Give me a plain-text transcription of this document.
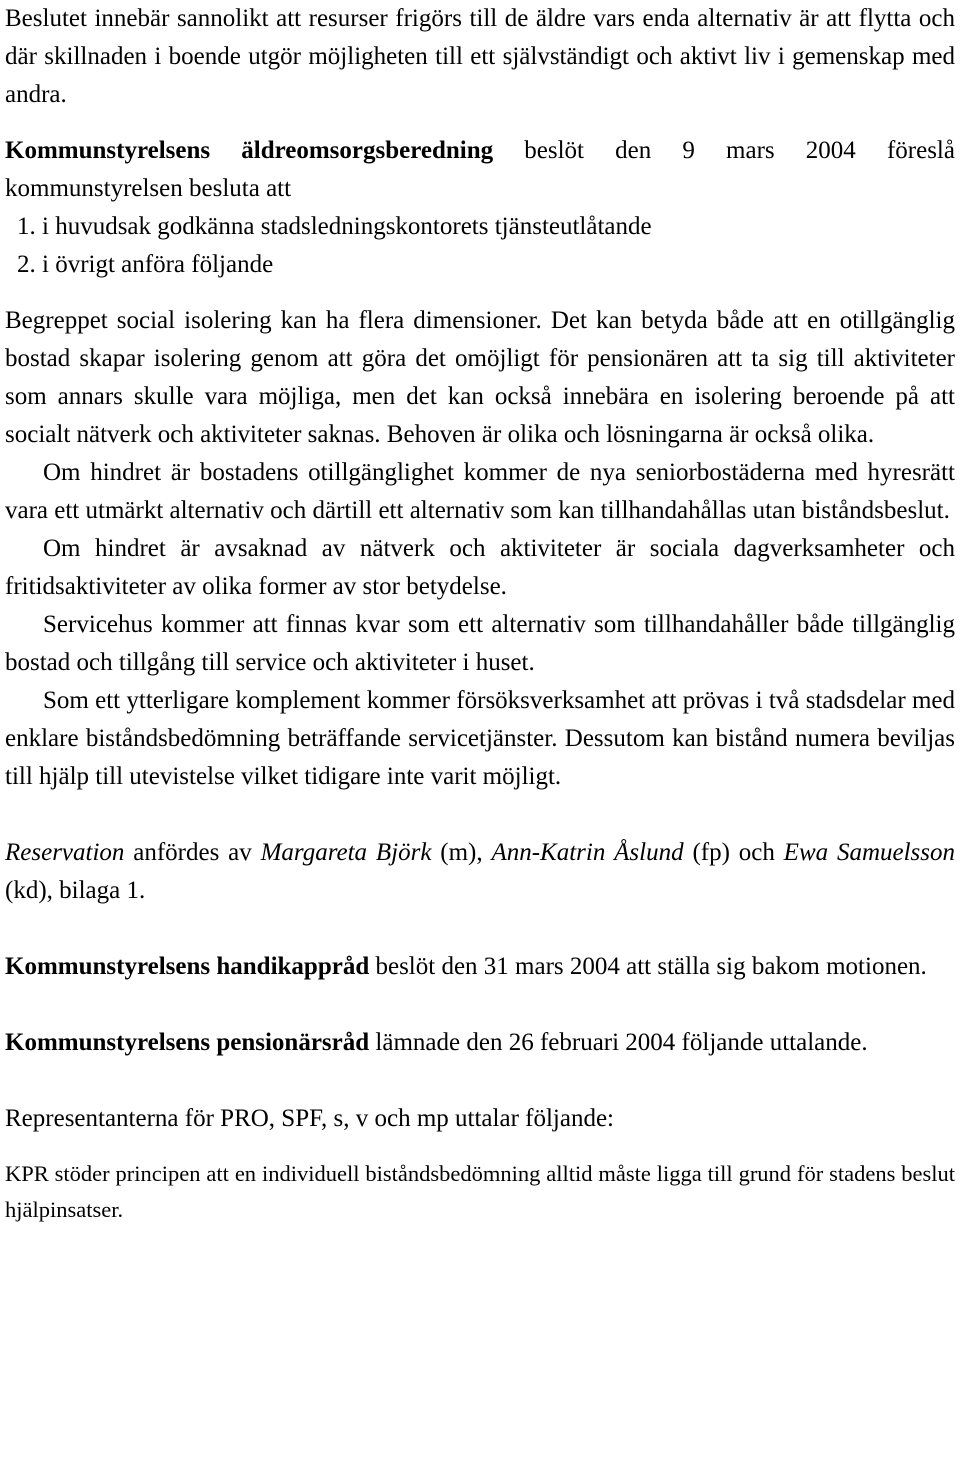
Beslutet innebär sannolikt att resurser frigörs till de äldre vars enda alternativ är att flytta och där skillnaden i boende utgör möjligheten till ett självständigt och aktivt liv i gemenskap med andra.

Kommunstyrelsens äldreomsorgsberedning beslöt den 9 mars 2004 föreslå kommunstyrelsen besluta att

1. i huvudsak godkänna stadsledningskontorets tjänsteutlåtande
2. i övrigt anföra följande

Begreppet social isolering kan ha flera dimensioner. Det kan betyda både att en otillgänglig bostad skapar isolering genom att göra det omöjligt för pensionären att ta sig till aktiviteter som annars skulle vara möjliga, men det kan också innebära en isolering beroende på att socialt nätverk och aktiviteter saknas. Behoven är olika och lösningarna är också olika.

Om hindret är bostadens otillgänglighet kommer de nya seniorbostäderna med hyresrätt vara ett utmärkt alternativ och därtill ett alternativ som kan tillhandahållas utan biståndsbeslut.

Om hindret är avsaknad av nätverk och aktiviteter är sociala dagverksamheter och fritidsaktiviteter av olika former av stor betydelse.

Servicehus kommer att finnas kvar som ett alternativ som tillhandahåller både tillgänglig bostad och tillgång till service och aktiviteter i huset.

Som ett ytterligare komplement kommer försöksverksamhet att prövas i två stadsdelar med enklare biståndsbedömning beträffande servicetjänster. Dessutom kan bistånd numera beviljas till hjälp till utevistelse vilket tidigare inte varit möjligt.

Reservation anfördes av Margareta Björk (m), Ann-Katrin Åslund (fp) och Ewa Samuelsson (kd), bilaga 1.

Kommunstyrelsens handikappråd beslöt den 31 mars 2004 att ställa sig bakom motionen.

Kommunstyrelsens pensionärsråd lämnade den 26 februari 2004 följande uttalande.

Representanterna för PRO, SPF, s, v och mp uttalar följande:

KPR stöder principen att en individuell biståndsbedömning alltid måste ligga till grund för stadens beslut hjälpinsatser.
